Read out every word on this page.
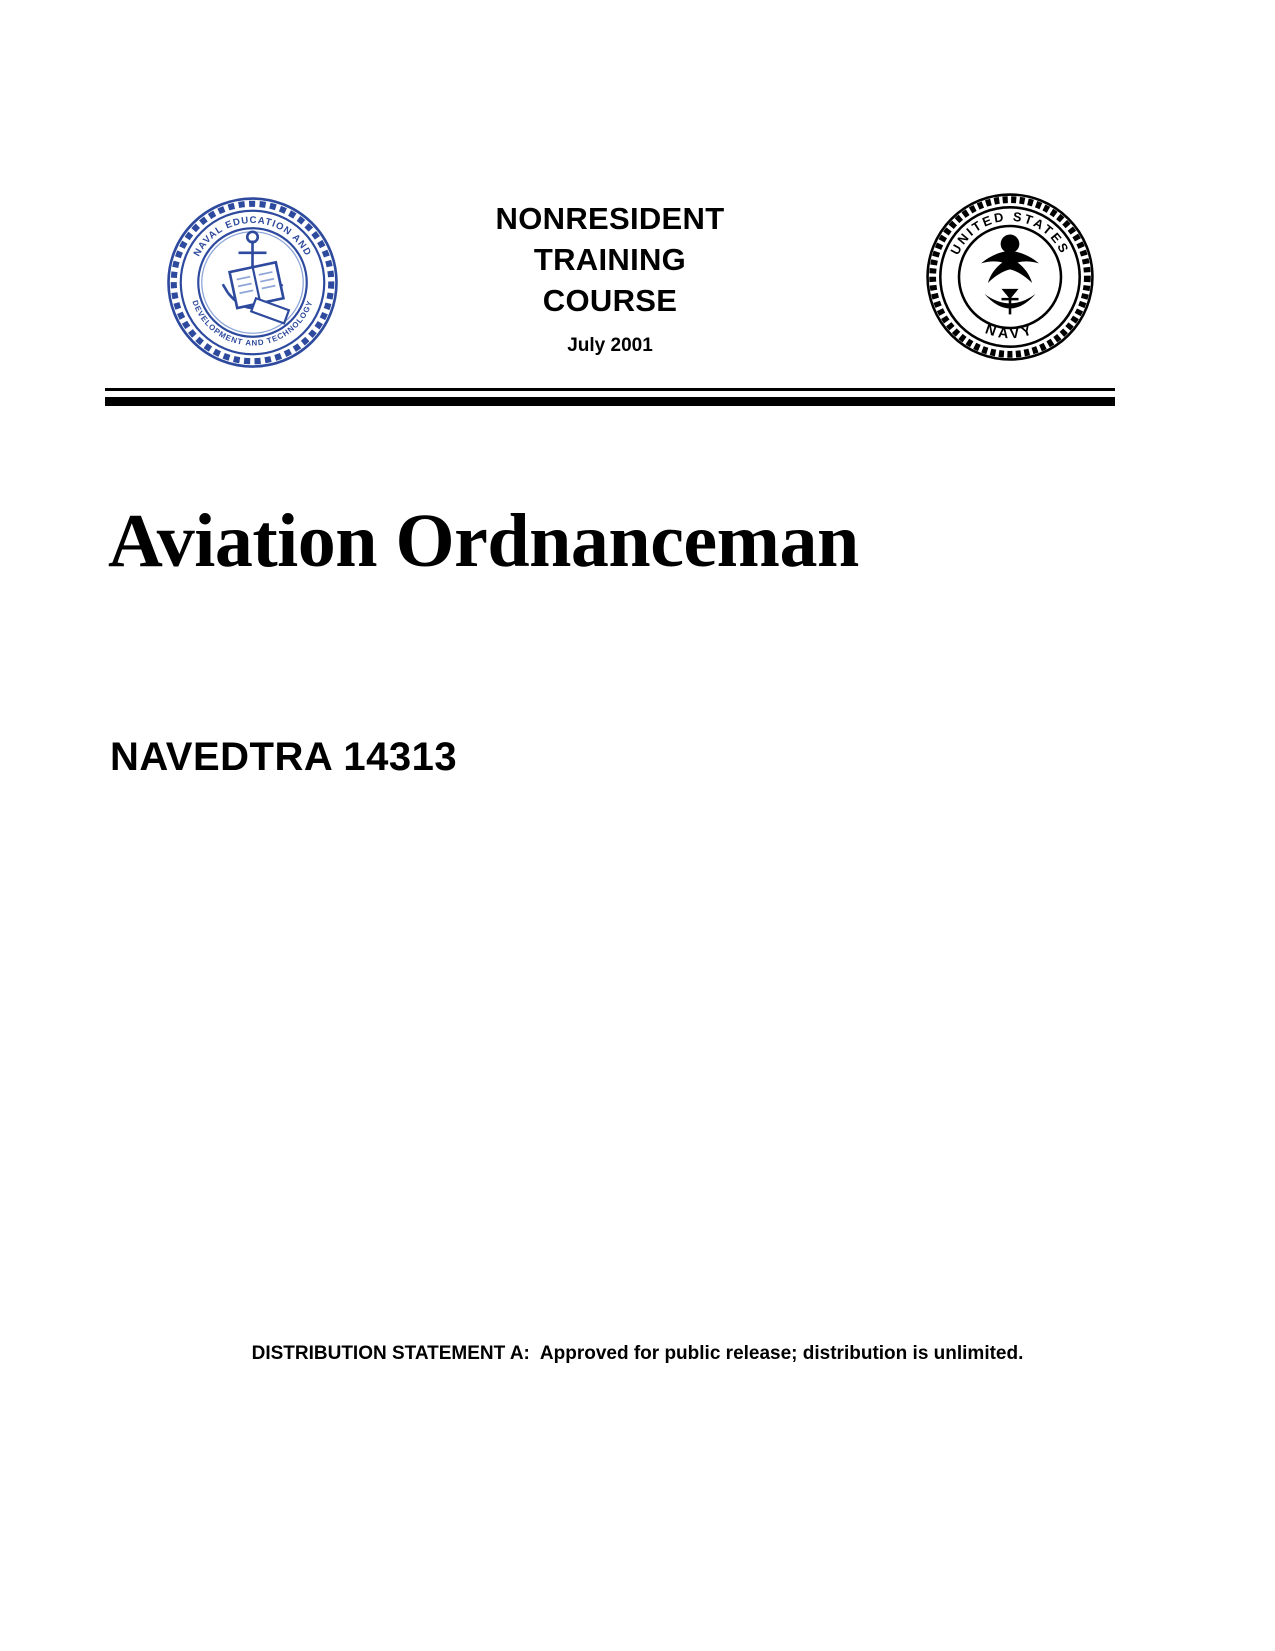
NAVAL EDUCATION AND
DEVELOPMENT AND TECHNOLOGY
NONRESIDENT
TRAINING
COURSE
July 2001
UNITED STATES
NAVY
Aviation Ordnanceman
NAVEDTRA 14313
DISTRIBUTION STATEMENT A: Approved for public release; distribution is unlimited.
